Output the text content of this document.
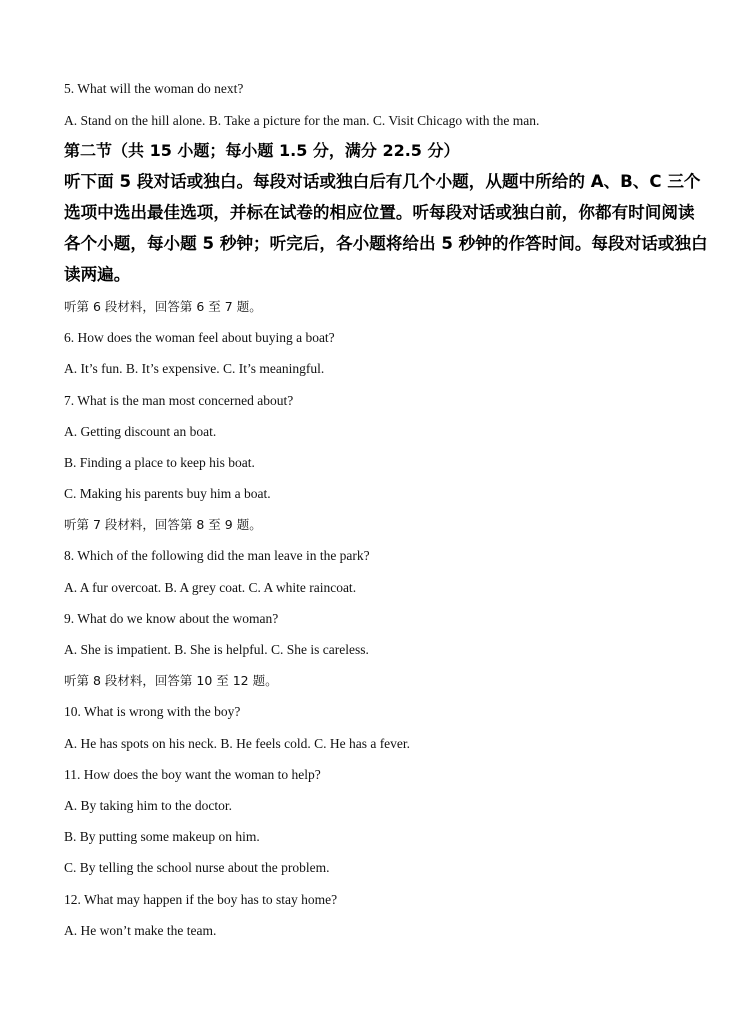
5. What will the woman do next?
A. Stand on the hill alone. B. Take a picture for the man. C. Visit Chicago with the man.
第二节（共 15 小题；每小题 1.5 分，满分 22.5 分）
听下面 5 段对话或独白。每段对话或独白后有几个小题，从题中所给的 A、B、C 三个
选项中选出最佳选项，并标在试卷的相应位置。听每段对话或独白前，你都有时间阅读
各个小题，每小题 5 秒钟；听完后，各小题将给出 5 秒钟的作答时间。每段对话或独白
读两遍。
听第 6 段材料，回答第 6 至 7 题。
6. How does the woman feel about buying a boat?
A. It’s fun. B. It’s expensive. C. It’s meaningful.
7. What is the man most concerned about?
A. Getting discount an boat.
B. Finding a place to keep his boat.
C. Making his parents buy him a boat.
听第 7 段材料，回答第 8 至 9 题。
8. Which of the following did the man leave in the park?
A. A fur overcoat. B. A grey coat. C. A white raincoat.
9. What do we know about the woman?
A. She is impatient. B. She is helpful. C. She is careless.
听第 8 段材料，回答第 10 至 12 题。
10. What is wrong with the boy?
A. He has spots on his neck. B. He feels cold. C. He has a fever.
11. How does the boy want the woman to help?
A. By taking him to the doctor.
B. By putting some makeup on him.
C. By telling the school nurse about the problem.
12. What may happen if the boy has to stay home?
A. He won’t make the team.
